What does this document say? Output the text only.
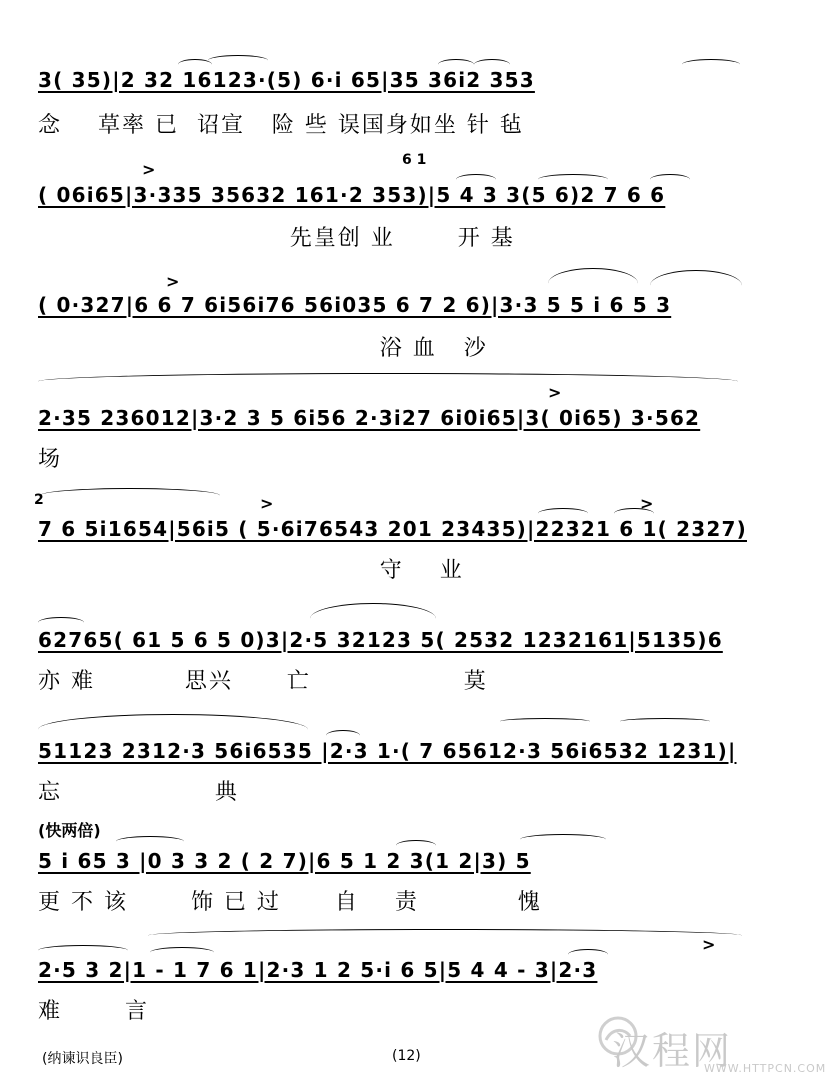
3( 35)|2 32 16123·(5) 6·i 65|35 36i2 353
念    草率 已  诏宣   险 些 误国身如坐 针 毡
6 1
>
( 06i65|3·335 35632 161·2 353)|5 4 3 3(5 6)2 7 6 6
先皇创 业       开 基
>
( 0·327|6 6 7 6i56i76 56i035 6 7 2 6)|3·3 5 5 i 6 5 3
浴 血   沙
>
2·35 236012|3·2 3 5 6i56 2·3i27 6i0i65|3( 0i65) 3·562
场
2	>	>
7 6 5i1654|56i5 ( 5·6i76543 201 23435)|22321 6 1( 2327)
守    业
62765( 61 5 6 5 0)3|2·5 32123 5( 2532 1232161|5135)6
亦 难          思兴      亡                 莫
51123 2312·3 56i6535 |2·3 1·( 7 65612·3 56i6532 1231)|
忘                 典
(快两倍)
5 i 65 3 |0 3 3 2 ( 2 7)|6 5 1 2 3(1 2|3) 5
更 不 该       饰 已 过      自    责           愧
>
2·5 3 2|1 - 1 7 6 1|2·3 1 2 5·i 6 5|5 4 4 - 3|2·3
难       言
(纳谏识良臣)	(12)	汉程网
WWW.HTTPCN.COM
